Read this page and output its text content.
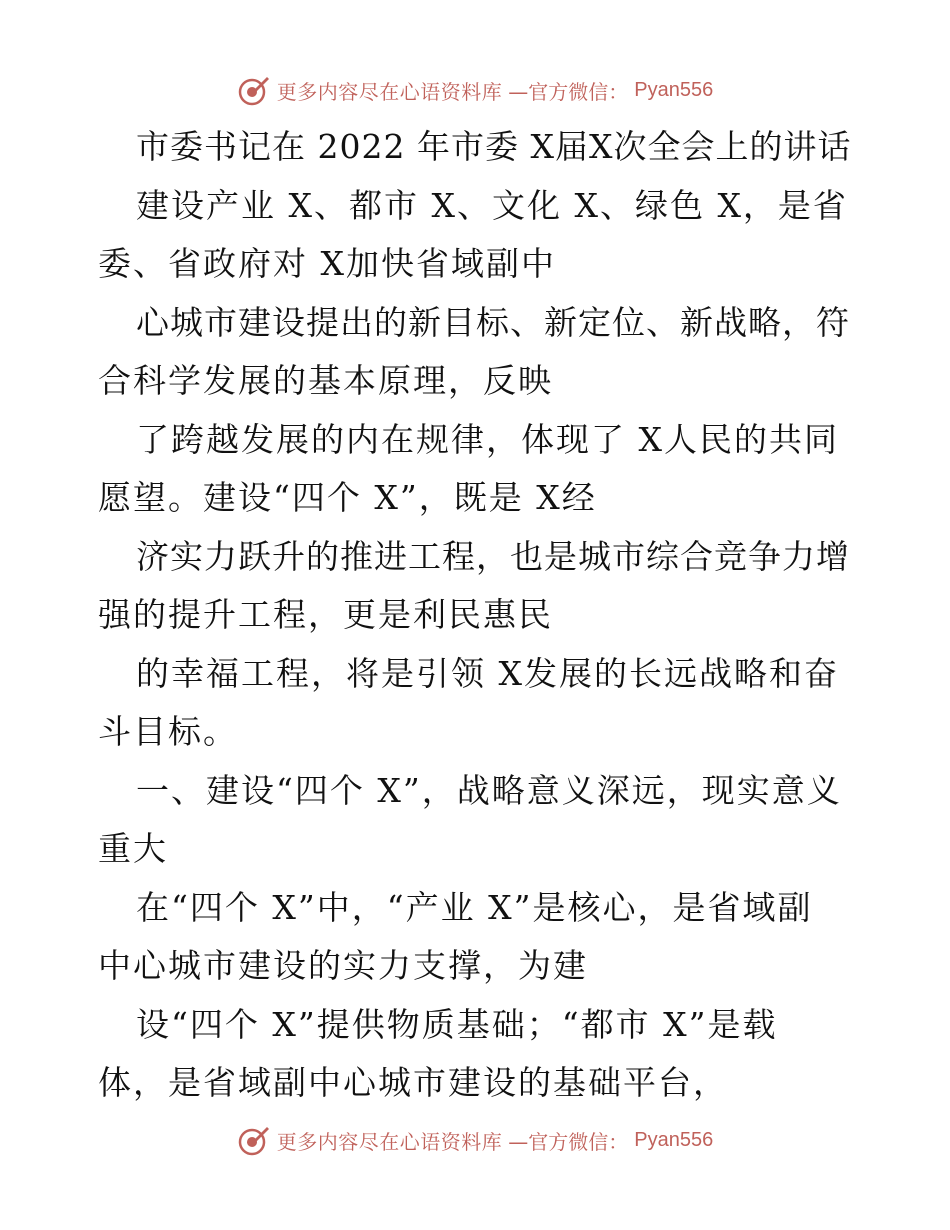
更多内容尽在心语资料库 —官方微信： Pyan556
市委书记在 2022 年市委 X届X次全会上的讲话
建设产业 X、都市 X、文化 X、绿色 X，是省
委、省政府对 X加快省域副中
心城市建设提出的新目标、新定位、新战略，符
合科学发展的基本原理，反映
了跨越发展的内在规律，体现了 X人民的共同
愿望。建设“四个 X”，既是 X经
济实力跃升的推进工程，也是城市综合竞争力增
强的提升工程，更是利民惠民
的幸福工程，将是引领 X发展的长远战略和奋
斗目标。
一、建设“四个 X”，战略意义深远，现实意义
重大
在“四个 X”中，“产业 X”是核心，是省域副
中心城市建设的实力支撑，为建
设“四个 X”提供物质基础；“都市 X”是载
体，是省域副中心城市建设的基础平台，
更多内容尽在心语资料库 —官方微信： Pyan556
